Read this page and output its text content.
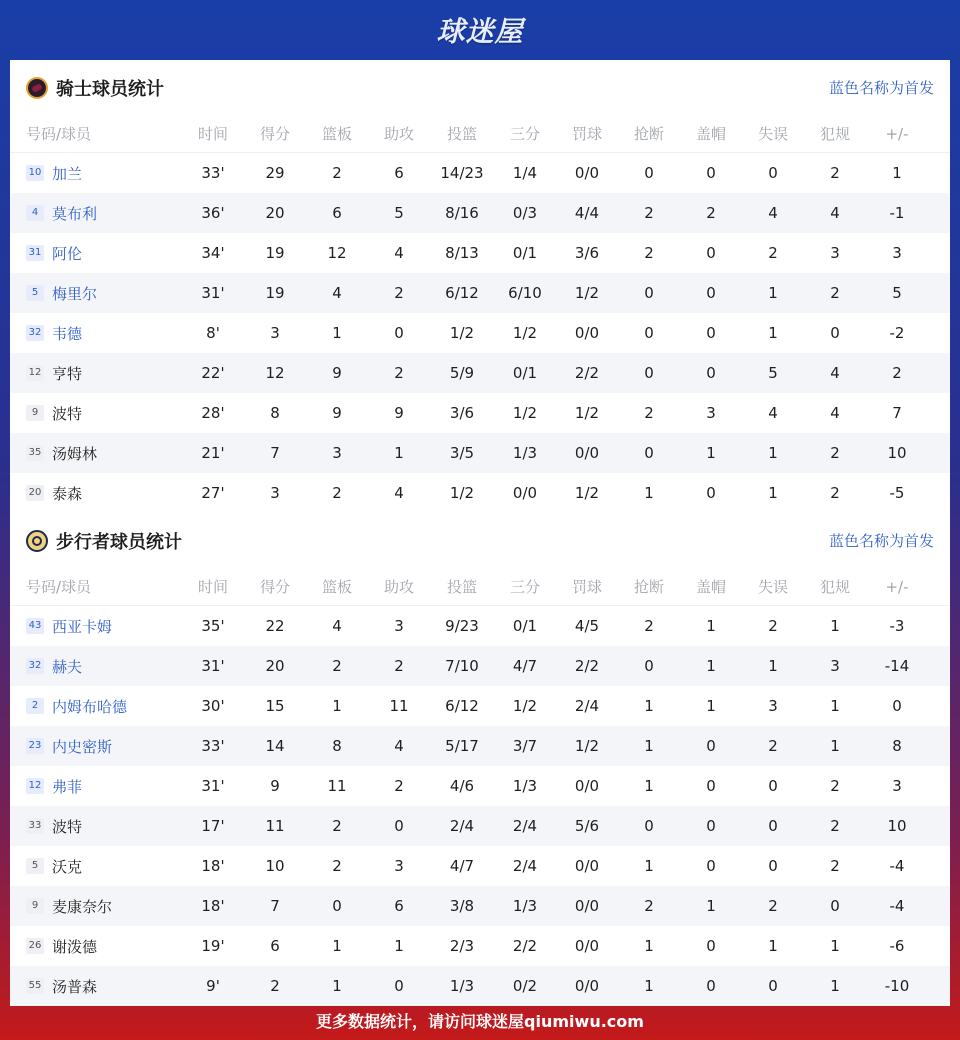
球迷屋
骑士球员统计	蓝色名称为首发
号码/球员	时间	得分	篮板	助攻	投篮	三分	罚球	抢断	盖帽	失误	犯规	+/-
10 加兰	33'	29	2	6	14/23	1/4	0/0	0	0	0	2	1
4 莫布利	36'	20	6	5	8/16	0/3	4/4	2	2	4	4	-1
31 阿伦	34'	19	12	4	8/13	0/1	3/6	2	0	2	3	3
5 梅里尔	31'	19	4	2	6/12	6/10	1/2	0	0	1	2	5
32 韦德	8'	3	1	0	1/2	1/2	0/0	0	0	1	0	-2
12 亨特	22'	12	9	2	5/9	0/1	2/2	0	0	5	4	2
9 波特	28'	8	9	9	3/6	1/2	1/2	2	3	4	4	7
35 汤姆林	21'	7	3	1	3/5	1/3	0/0	0	1	1	2	10
20 泰森	27'	3	2	4	1/2	0/0	1/2	1	0	1	2	-5
步行者球员统计	蓝色名称为首发
号码/球员	时间	得分	篮板	助攻	投篮	三分	罚球	抢断	盖帽	失误	犯规	+/-
43 西亚卡姆	35'	22	4	3	9/23	0/1	4/5	2	1	2	1	-3
32 赫夫	31'	20	2	2	7/10	4/7	2/2	0	1	1	3	-14
2 内姆布哈德	30'	15	1	11	6/12	1/2	2/4	1	1	3	1	0
23 内史密斯	33'	14	8	4	5/17	3/7	1/2	1	0	2	1	8
12 弗菲	31'	9	11	2	4/6	1/3	0/0	1	0	0	2	3
33 波特	17'	11	2	0	2/4	2/4	5/6	0	0	0	2	10
5 沃克	18'	10	2	3	4/7	2/4	0/0	1	0	0	2	-4
9 麦康奈尔	18'	7	0	6	3/8	1/3	0/0	2	1	2	0	-4
26 谢泼德	19'	6	1	1	2/3	2/2	0/0	1	0	1	1	-6
55 汤普森	9'	2	1	0	1/3	0/2	0/0	1	0	0	1	-10
更多数据统计，请访问球迷屋qiumiwu.com
